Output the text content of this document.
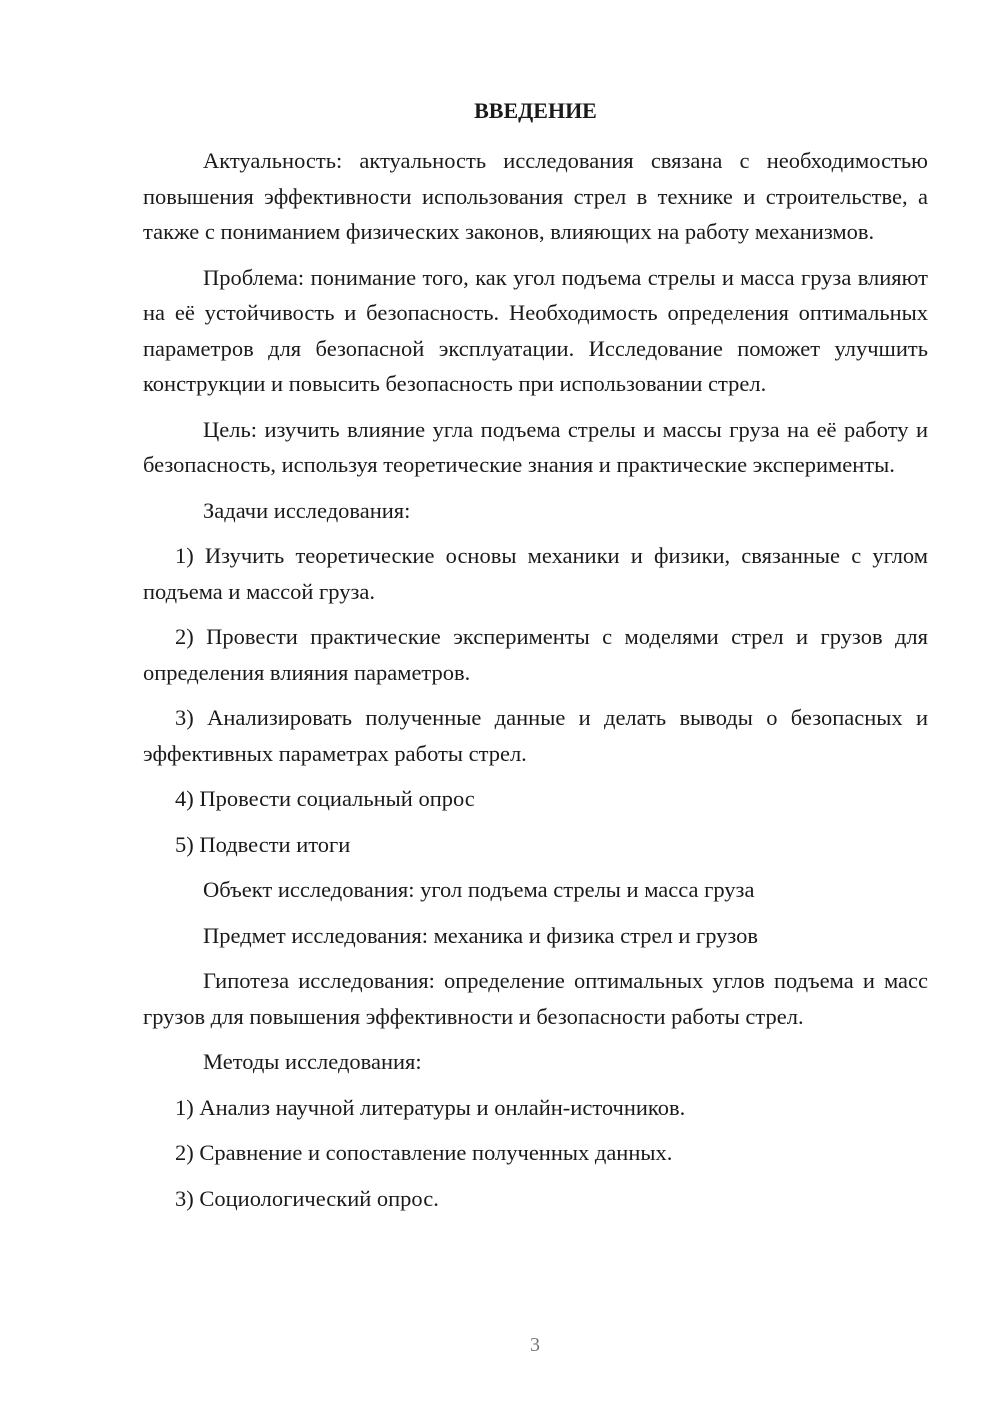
ВВЕДЕНИЕ

Актуальность: актуальность исследования связана с необходимостью повышения эффективности использования стрел в технике и строительстве, а также с пониманием физических законов, влияющих на работу механизмов.

Проблема: понимание того, как угол подъема стрелы и масса груза влияют на её устойчивость и безопасность. Необходимость определения оптимальных параметров для безопасной эксплуатации. Исследование поможет улучшить конструкции и повысить безопасность при использовании стрел.

Цель: изучить влияние угла подъема стрелы и массы груза на её работу и безопасность, используя теоретические знания и практические эксперименты.

Задачи исследования:

1) Изучить теоретические основы механики и физики, связанные с углом подъема и массой груза.

2) Провести практические эксперименты с моделями стрел и грузов для определения влияния параметров.

3) Анализировать полученные данные и делать выводы о безопасных и эффективных параметрах работы стрел.

4) Провести социальный опрос

5) Подвести итоги

Объект исследования: угол подъема стрелы и масса груза

Предмет исследования: механика и физика стрел и грузов

Гипотеза исследования: определение оптимальных углов подъема и масс грузов для повышения эффективности и безопасности работы стрел.

Методы исследования:

1) Анализ научной литературы и онлайн-источников.

2) Сравнение и сопоставление полученных данных.

3) Социологический опрос.

3
